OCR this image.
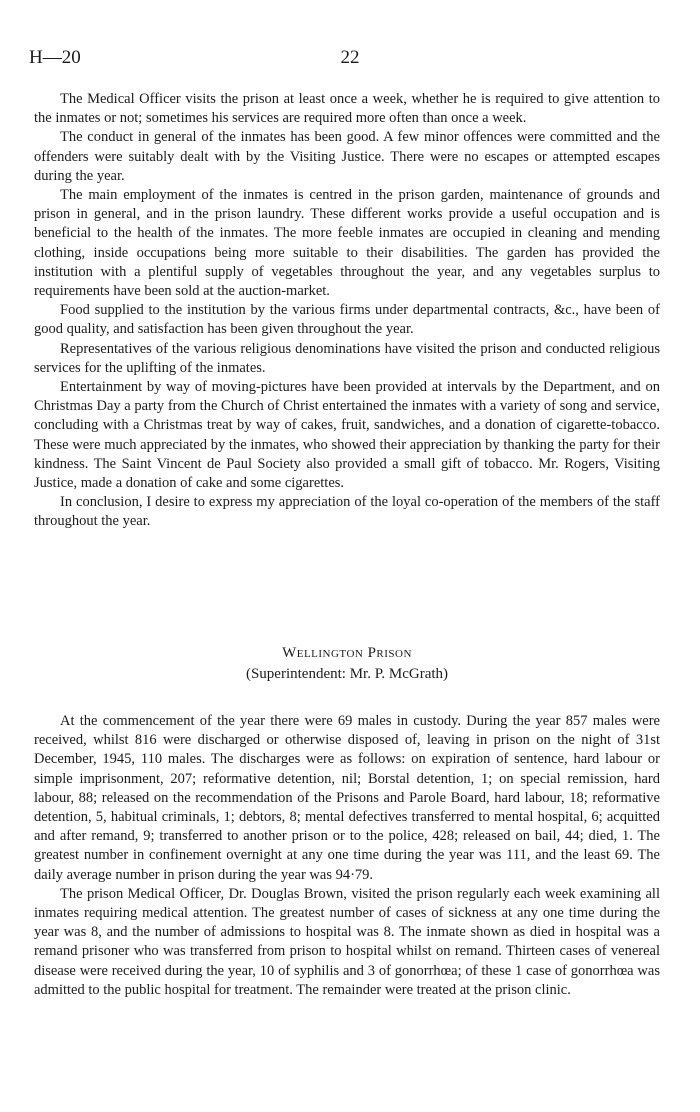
H—20	22

The Medical Officer visits the prison at least once a week, whether he is required to give attention to the inmates or not; sometimes his services are required more often than once a week.

The conduct in general of the inmates has been good. A few minor offences were committed and the offenders were suitably dealt with by the Visiting Justice. There were no escapes or attempted escapes during the year.

The main employment of the inmates is centred in the prison garden, maintenance of grounds and prison in general, and in the prison laundry. These different works provide a useful occupation and is beneficial to the health of the inmates. The more feeble inmates are occupied in cleaning and mending clothing, inside occupations being more suitable to their disabilities. The garden has provided the institution with a plentiful supply of vegetables throughout the year, and any vegetables surplus to requirements have been sold at the auction-market.

Food supplied to the institution by the various firms under departmental contracts, &c., have been of good quality, and satisfaction has been given throughout the year.

Representatives of the various religious denominations have visited the prison and conducted religious services for the uplifting of the inmates.

Entertainment by way of moving-pictures have been provided at intervals by the Department, and on Christmas Day a party from the Church of Christ entertained the inmates with a variety of song and service, concluding with a Christmas treat by way of cakes, fruit, sandwiches, and a donation of cigarette-tobacco. These were much appreciated by the inmates, who showed their appreciation by thanking the party for their kindness. The Saint Vincent de Paul Society also provided a small gift of tobacco. Mr. Rogers, Visiting Justice, made a donation of cake and some cigarettes.

In conclusion, I desire to express my appreciation of the loyal co-operation of the members of the staff throughout the year.

Wellington Prison
(Superintendent: Mr. P. McGrath)

At the commencement of the year there were 69 males in custody. During the year 857 males were received, whilst 816 were discharged or otherwise disposed of, leaving in prison on the night of 31st December, 1945, 110 males. The discharges were as follows: on expiration of sentence, hard labour or simple imprisonment, 207; reformative detention, nil; Borstal detention, 1; on special remission, hard labour, 88; released on the recommendation of the Prisons and Parole Board, hard labour, 18; reformative detention, 5, habitual criminals, 1; debtors, 8; mental defectives transferred to mental hospital, 6; acquitted and after remand, 9; transferred to another prison or to the police, 428; released on bail, 44; died, 1. The greatest number in confinement overnight at any one time during the year was 111, and the least 69. The daily average number in prison during the year was 94·79.

The prison Medical Officer, Dr. Douglas Brown, visited the prison regularly each week examining all inmates requiring medical attention. The greatest number of cases of sickness at any one time during the year was 8, and the number of admissions to hospital was 8. The inmate shown as died in hospital was a remand prisoner who was transferred from prison to hospital whilst on remand. Thirteen cases of venereal disease were received during the year, 10 of syphilis and 3 of gonorrhœa; of these 1 case of gonorrhœa was admitted to the public hospital for treatment. The remainder were treated at the prison clinic.
